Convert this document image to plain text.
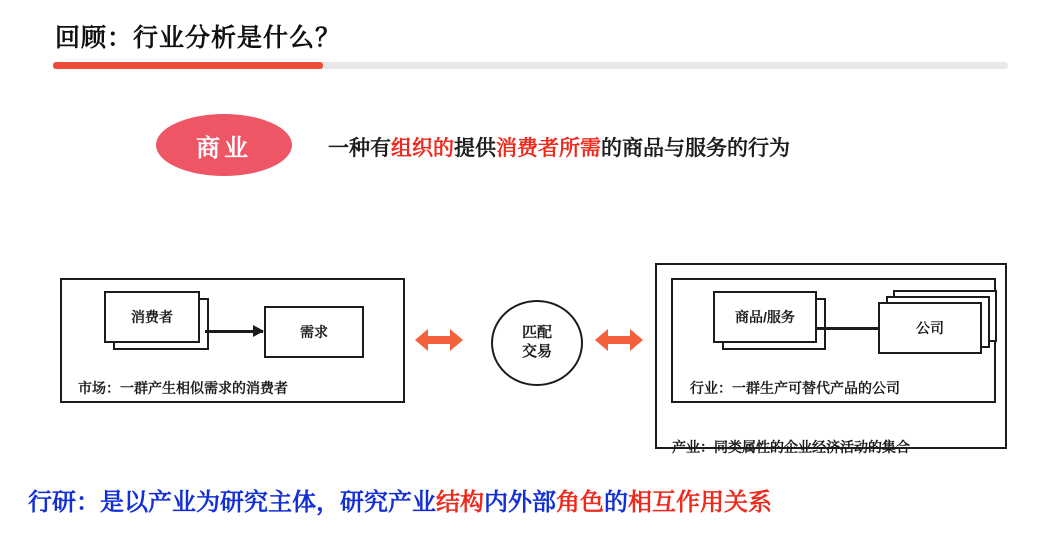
回顾：行业分析是什么？
商业	一种有组织的提供消费者所需的商品与服务的行为
消费者
需求
市场：一群产生相似需求的消费者
匹配
交易
商品/服务
公司
行业：一群生产可替代产品的公司
产业：同类属性的企业经济活动的集合
行研：是以产业为研究主体，研究产业结构内外部角色的相互作用关系
